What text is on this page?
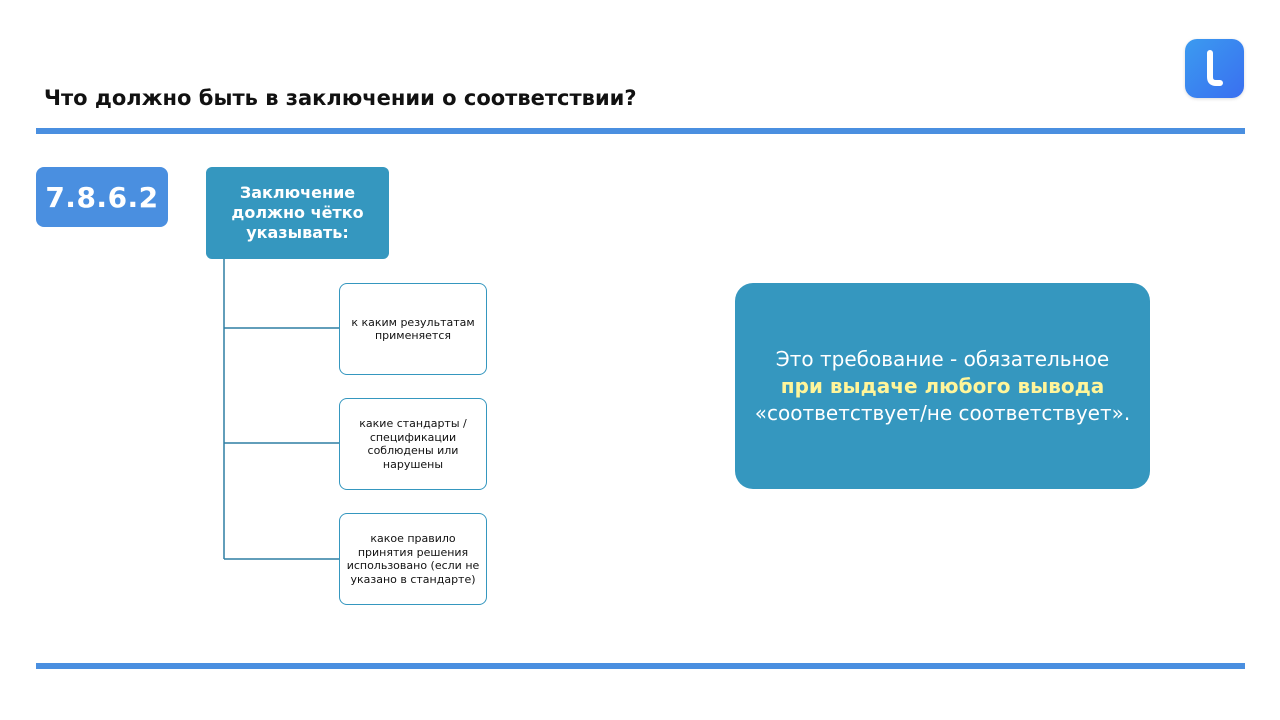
Что должно быть в заключении о соответствии?
7.8.6.2	Заключение должно чётко указывать:
к каким результатам применяется
какие стандарты / спецификации соблюдены или нарушены
какое правило принятия решения использовано (если не указано в стандарте)
Это требование - обязательное
при выдаче любого вывода
«соответствует/не соответствует».
